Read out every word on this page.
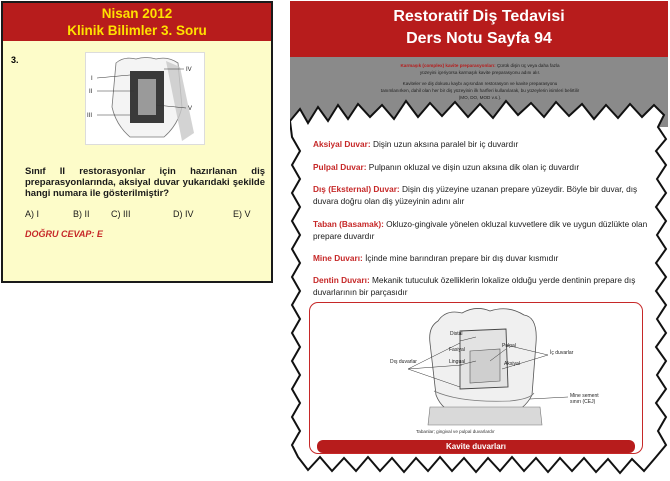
Nisan 2012
Klinik Bilimler 3. Soru
3.
I
II
III
IV
V
Sınıf II restorasyonlar için hazırlanan diş preparasyonlarında, aksiyal duvar yukarıdaki şekilde hangi numara ile gösterilmiştir?
A) I	B) II C) III	D) IV	E) V
DOĞRU CEVAP: E
Restoratif Diş Tedavisi
Ders Notu Sayfa 94
Karmaşık (complex) kavite preparasyonları: Çürük dişin üç veya daha fazla
yüzeyini içeriyorsa karmaşık kavite preparasyonu adını alır.
Kaviteler ve diş dokusu kaybı açısından restorasyon ve kavite preparasyonu
tanımlanırken, dahil olan her bir diş yüzeyinin ilk harfleri kullanılarak, bu yüzeylerin isimleri belirtilir
(MO, DO, MOD v.s.).
Aksiyal Duvar: Dişin uzun aksına paralel bir iç duvardır
Pulpal Duvar: Pulpanın okluzal ve dişin uzun aksına dik olan iç duvardır
Dış (Eksternal) Duvar: Dişin dış yüzeyine uzanan prepare yüzeydir. Böyle bir duvar, dış duvara doğru olan diş yüzeyinin adını alır
Taban (Basamak): Okluzo-gingivale yönelen okluzal kuvvetlere dik ve uygun düzlükte olan prepare duvardır
Mine Duvarı: İçinde mine barındıran prepare bir dış duvar kısmıdır
Dentin Duvarı: Mekanik tutuculuk özelliklerin lokalize olduğu yerde dentinin prepare dış duvarlarının bir parçasıdır
Distal
Pulpal
Fasiyal
Lingual	Aksiyal
Dış duvarlar
İç duvarlar
Mine sement
sınırı (CEJ)
Tabanlar; gingival ve pulpal duvarlardır
Kavite duvarları
